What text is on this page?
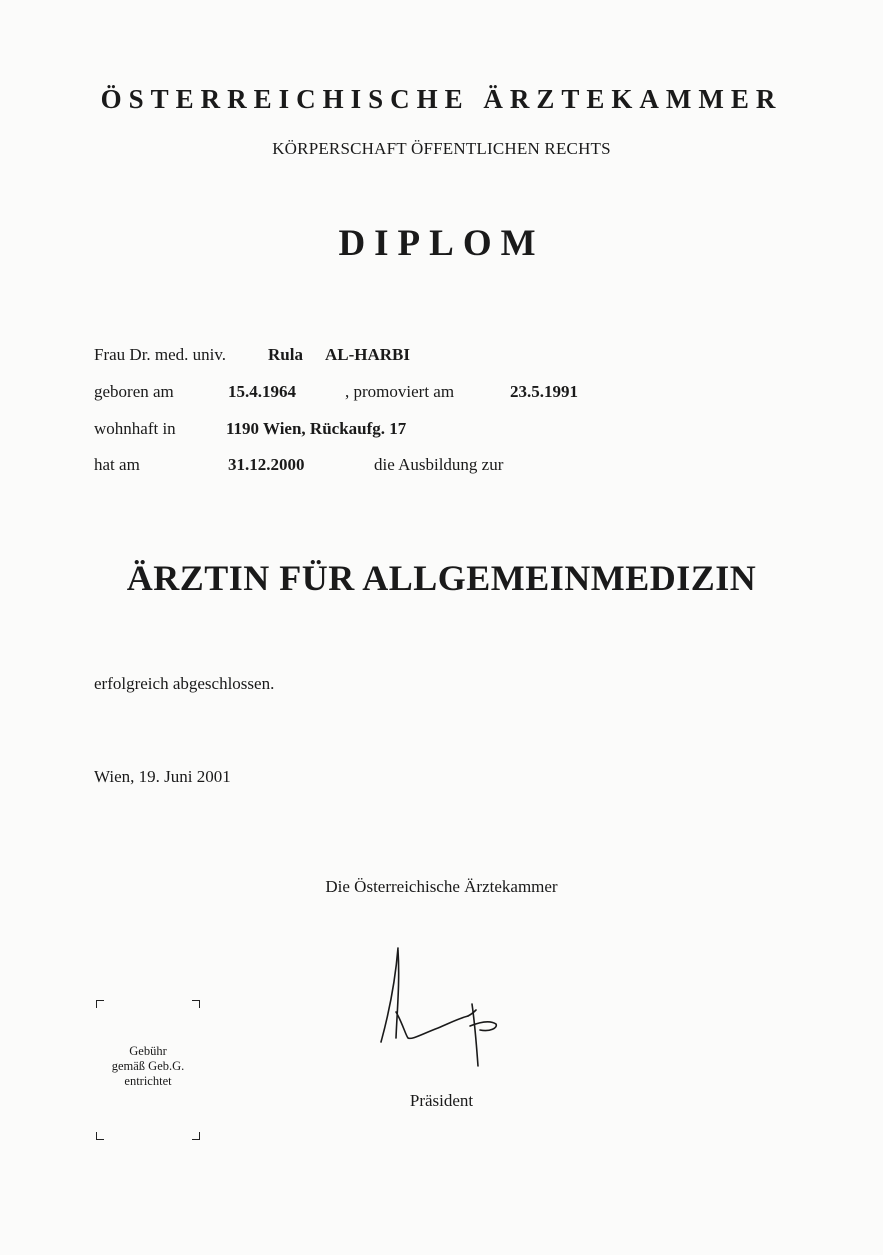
ÖSTERREICHISCHE ÄRZTEKAMMER
KÖRPERSCHAFT ÖFFENTLICHEN RECHTS
DIPLOM
Frau Dr. med. univ. Rula AL-HARBI
geboren am	15.4.1964	, promoviert am	23.5.1991
wohnhaft in	1190 Wien, Rückaufg. 17
hat am	31.12.2000	die Ausbildung zur
ÄRZTIN FÜR ALLGEMEINMEDIZIN
erfolgreich abgeschlossen.
Wien, 19. Juni 2001
Die Österreichische Ärztekammer
Präsident
Gebühr
gemäß Geb.G.
entrichtet
